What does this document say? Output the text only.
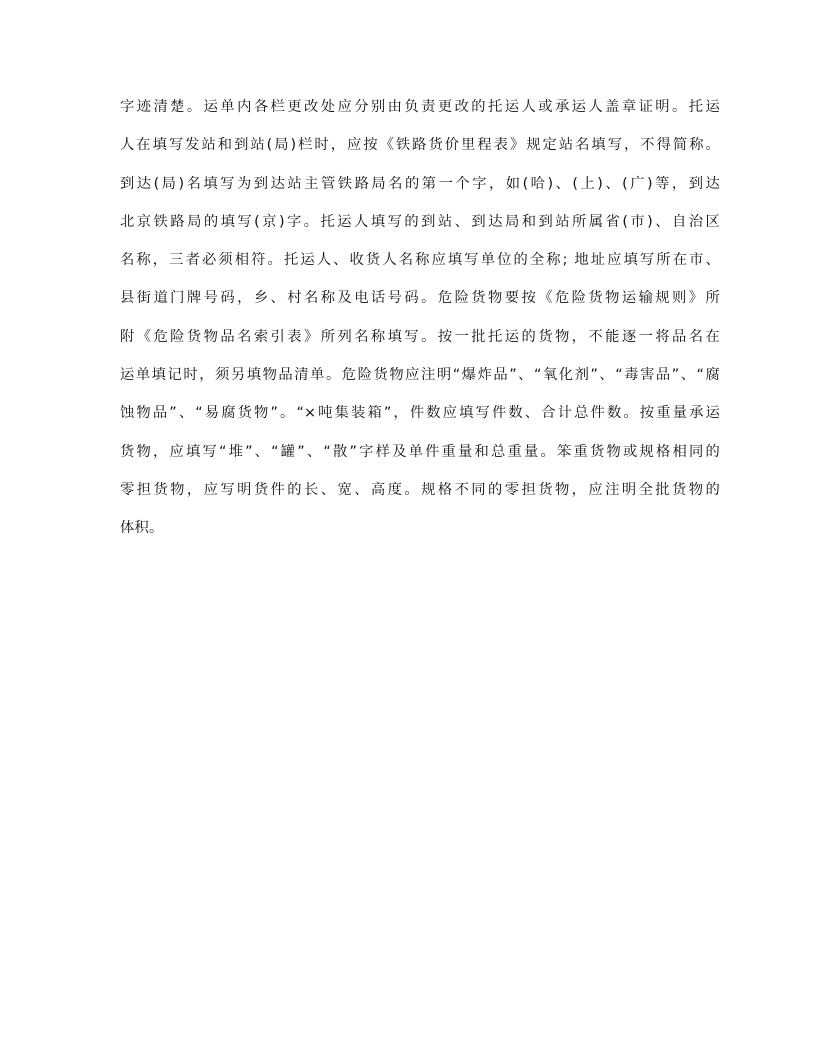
字迹清楚。运单内各栏更改处应分别由负责更改的托运人或承运人盖章证明。托运
人在填写发站和到站(局)栏时，应按《铁路货价里程表》规定站名填写，不得简称。
到达(局)名填写为到达站主管铁路局名的第一个字，如(哈)、(上)、(广)等，到达
北京铁路局的填写(京)字。托运人填写的到站、到达局和到站所属省(市)、自治区
名称，三者必须相符。托运人、收货人名称应填写单位的全称; 地址应填写所在市、
县街道门牌号码，乡、村名称及电话号码。危险货物要按《危险货物运输规则》所
附《危险货物品名索引表》所列名称填写。按一批托运的货物，不能逐一将品名在
运单填记时，须另填物品清单。危险货物应注明“爆炸品”、“氧化剂”、“毒害品”、“腐
蚀物品”、“易腐货物”。“×吨集装箱”，件数应填写件数、合计总件数。按重量承运
货物，应填写“堆”、“罐”、“散”字样及单件重量和总重量。笨重货物或规格相同的
零担货物，应写明货件的长、宽、高度。规格不同的零担货物，应注明全批货物的
体积。
